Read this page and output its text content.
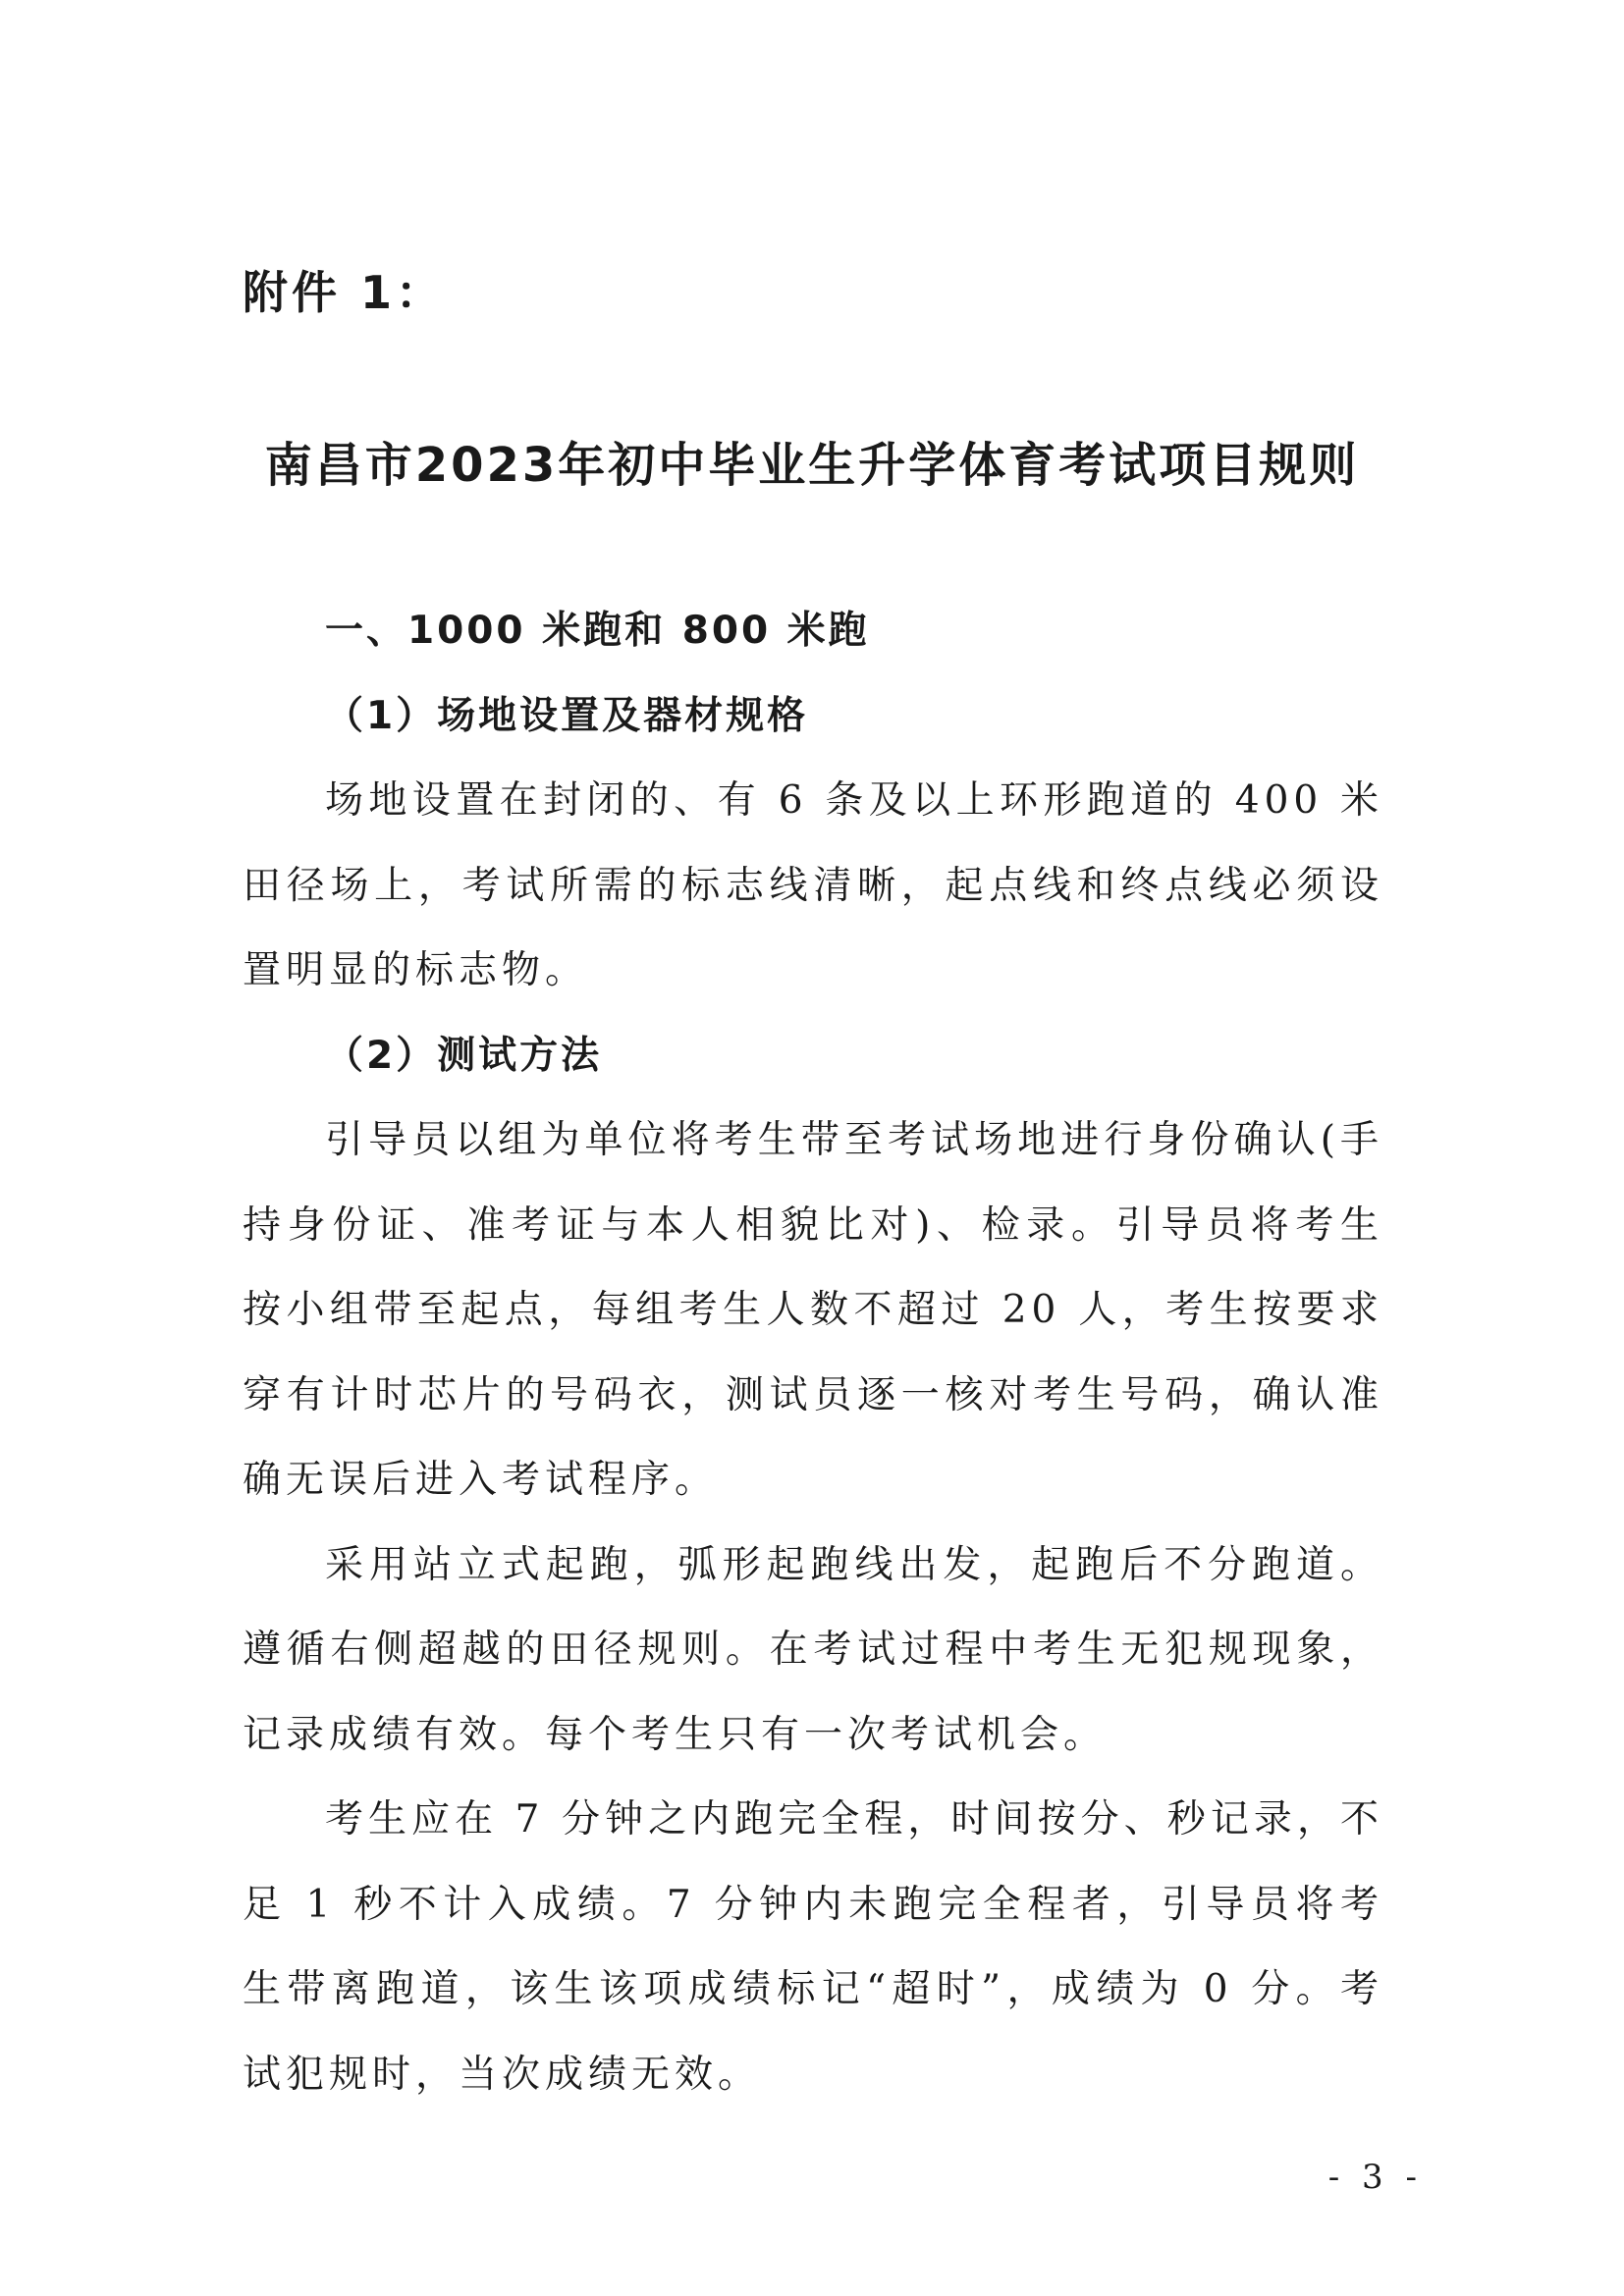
附件 1：

南昌市2023年初中毕业生升学体育考试项目规则

一、1000 米跑和 800 米跑

（1）场地设置及器材规格

场地设置在封闭的、有 6 条及以上环形跑道的 400 米田径场上，考试所需的标志线清晰，起点线和终点线必须设置明显的标志物。

（2）测试方法

引导员以组为单位将考生带至考试场地进行身份确认(手持身份证、准考证与本人相貌比对)、检录。引导员将考生按小组带至起点，每组考生人数不超过 20 人，考生按要求穿有计时芯片的号码衣，测试员逐一核对考生号码，确认准确无误后进入考试程序。

采用站立式起跑，弧形起跑线出发，起跑后不分跑道。遵循右侧超越的田径规则。在考试过程中考生无犯规现象，记录成绩有效。每个考生只有一次考试机会。

考生应在 7 分钟之内跑完全程，时间按分、秒记录，不足 1 秒不计入成绩。7 分钟内未跑完全程者，引导员将考生带离跑道，该生该项成绩标记“超时”，成绩为 0 分。考试犯规时，当次成绩无效。

- 3 -
